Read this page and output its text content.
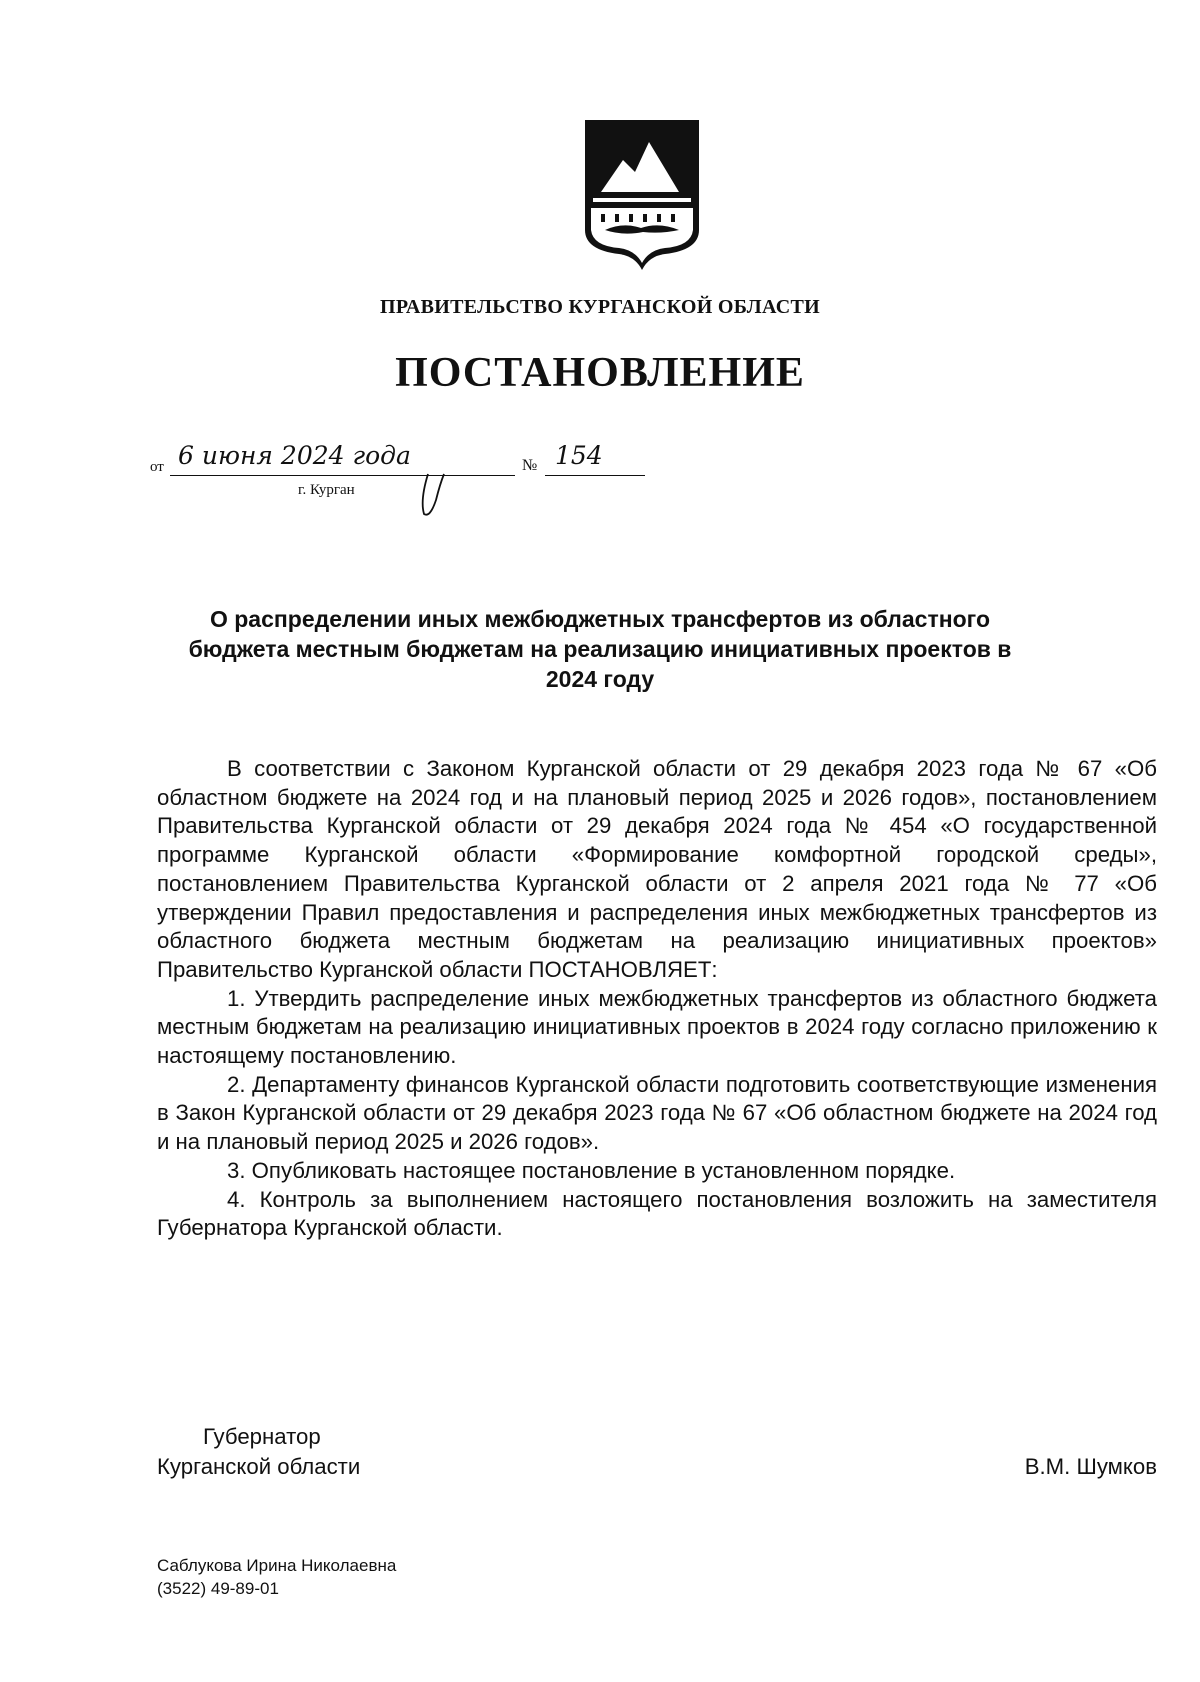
ПРАВИТЕЛЬСТВО КУРГАНСКОЙ ОБЛАСТИ
ПОСТАНОВЛЕНИЕ
от 6 июня 2024 года	№ 154
г. Курган
О распределении иных межбюджетных трансфертов из областного бюджета местным бюджетам на реализацию инициативных проектов в 2024 году

В соответствии с Законом Курганской области от 29 декабря 2023 года № 67 «Об областном бюджете на 2024 год и на плановый период 2025 и 2026 годов», постановлением Правительства Курганской области от 29 декабря 2024 года № 454 «О государственной программе Курганской области «Формирование комфортной городской среды», постановлением Правительства Курганской области от 2 апреля 2021 года № 77 «Об утверждении Правил предоставления и распределения иных межбюджетных трансфертов из областного бюджета местным бюджетам на реализацию инициативных проектов» Правительство Курганской области ПОСТАНОВЛЯЕТ:

1. Утвердить распределение иных межбюджетных трансфертов из областного бюджета местным бюджетам на реализацию инициативных проектов в 2024 году согласно приложению к настоящему постановлению.

2. Департаменту финансов Курганской области подготовить соответствующие изменения в Закон Курганской области от 29 декабря 2023 года № 67 «Об областном бюджете на 2024 год и на плановый период 2025 и 2026 годов».

3. Опубликовать настоящее постановление в установленном порядке.

4. Контроль за выполнением настоящего постановления возложить на заместителя Губернатора Курганской области.

Губернатор
Курганской области	В.М. Шумков
Саблукова Ирина Николаевна
(3522) 49-89-01
